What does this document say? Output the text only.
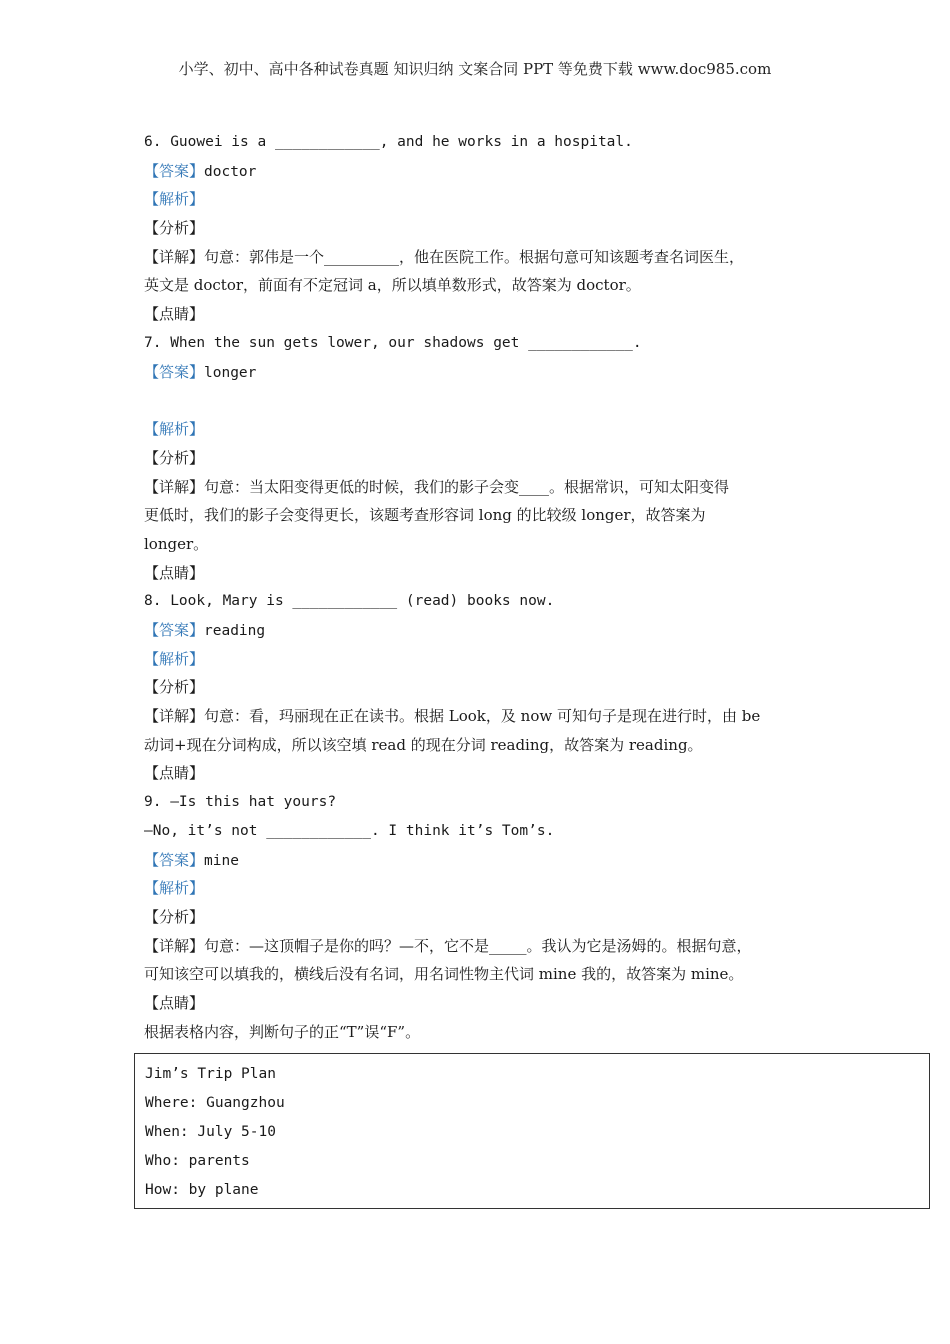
小学、初中、高中各种试卷真题 知识归纳 文案合同 PPT 等免费下载 www.doc985.com
6. Guowei is a ____________, and he works in a hospital.
【答案】doctor
【解析】
【分析】
【详解】句意：郭伟是一个__________，他在医院工作。根据句意可知该题考查名词医生，
英文是 doctor，前面有不定冠词 a，所以填单数形式，故答案为 doctor。
【点睛】
7. When the sun gets lower, our shadows get ____________.
【答案】longer
【解析】
【分析】
【详解】句意：当太阳变得更低的时候，我们的影子会变____。根据常识，可知太阳变得
更低时，我们的影子会变得更长，该题考查形容词 long 的比较级 longer，故答案为
longer。
【点睛】
8. Look, Mary is ____________ (read) books now.
【答案】reading
【解析】
【分析】
【详解】句意：看，玛丽现在正在读书。根据 Look，及 now 可知句子是现在进行时，由 be
动词+现在分词构成，所以该空填 read 的现在分词 reading，故答案为 reading。
【点睛】
9. —Is this hat yours?
—No, it’s not ____________. I think it’s Tom’s.
【答案】mine
【解析】
【分析】
【详解】句意：—这顶帽子是你的吗？—不，它不是_____。我认为它是汤姆的。根据句意，
可知该空可以填我的，横线后没有名词，用名词性物主代词 mine 我的，故答案为 mine。
【点睛】
根据表格内容，判断句子的正“T”误“F”。
Jim’s Trip Plan
Where: Guangzhou
When: July 5-10
Who: parents
How: by plane
